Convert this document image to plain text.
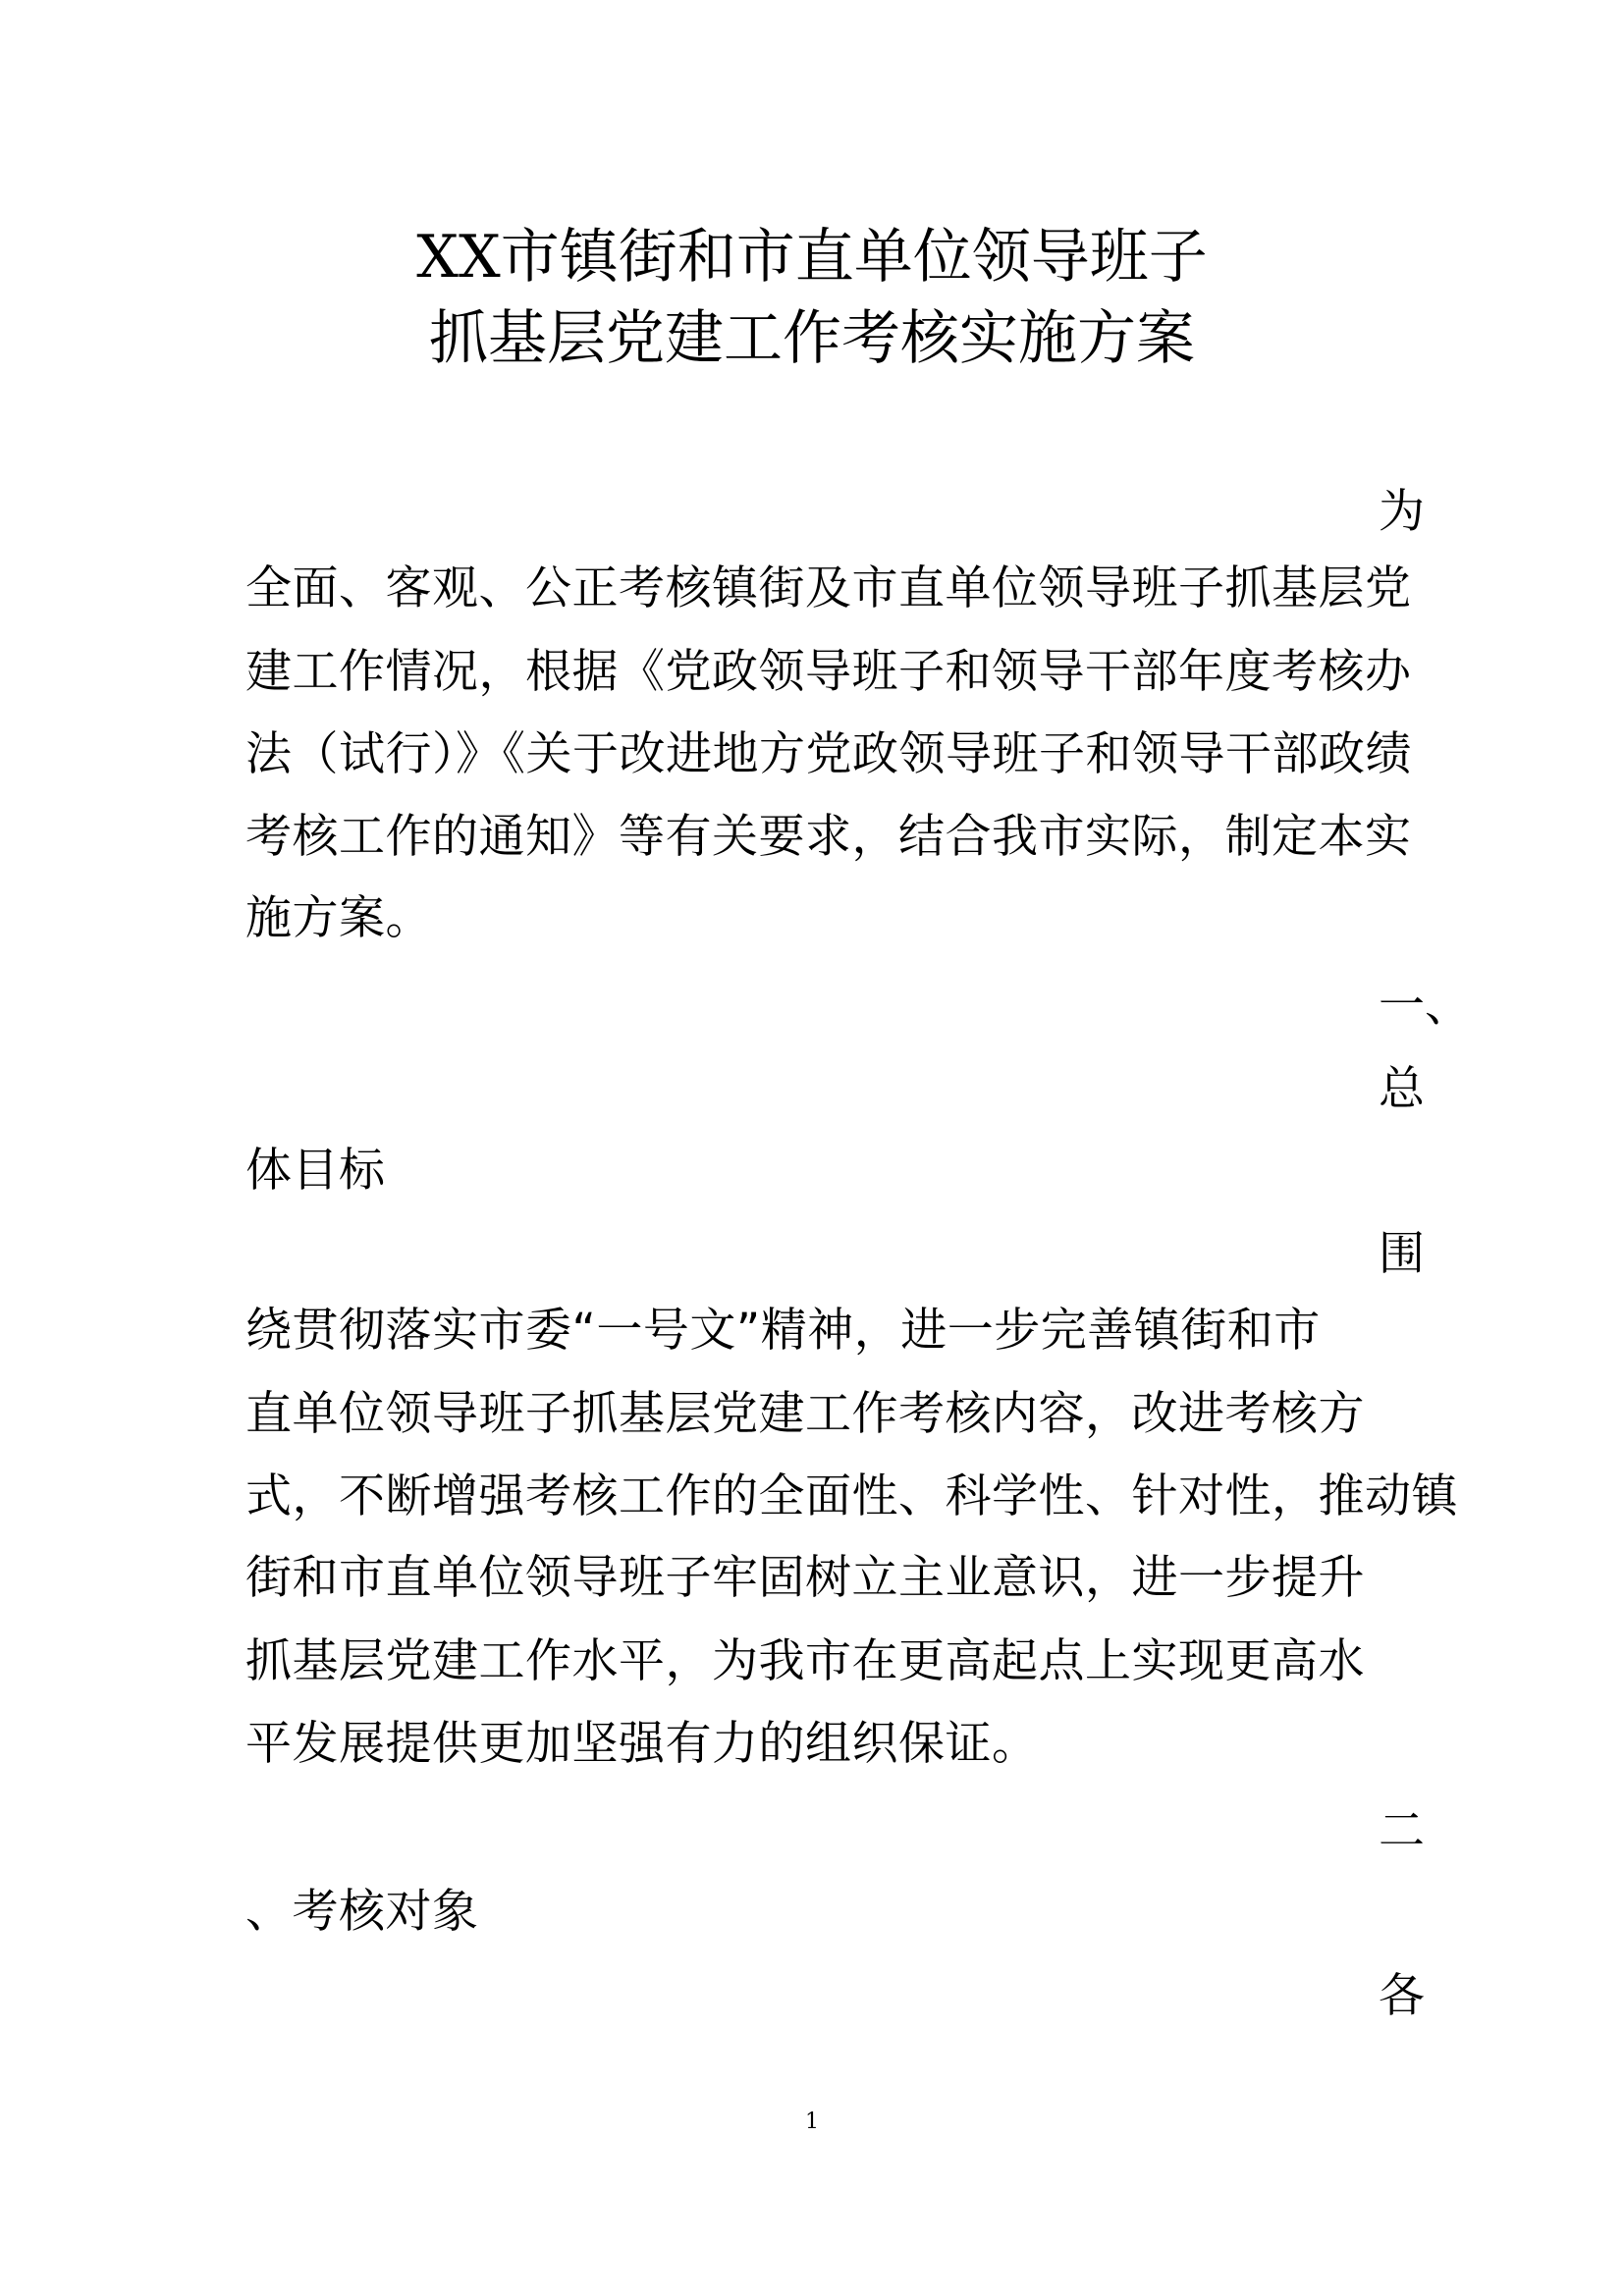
XX市镇街和市直单位领导班子
抓基层党建工作考核实施方案
为
全面、客观、公正考核镇街及市直单位领导班子抓基层党
建工作情况，根据《党政领导班子和领导干部年度考核办
法（试行）》《关于改进地方党政领导班子和领导干部政绩
考核工作的通知》等有关要求，结合我市实际，制定本实
施方案。
一、
总
体目标
围
绕贯彻落实市委“一号文”精神，进一步完善镇街和市
直单位领导班子抓基层党建工作考核内容，改进考核方
式，不断增强考核工作的全面性、科学性、针对性，推动镇
街和市直单位领导班子牢固树立主业意识，进一步提升
抓基层党建工作水平，为我市在更高起点上实现更高水
平发展提供更加坚强有力的组织保证。
二
、考核对象
各
1
